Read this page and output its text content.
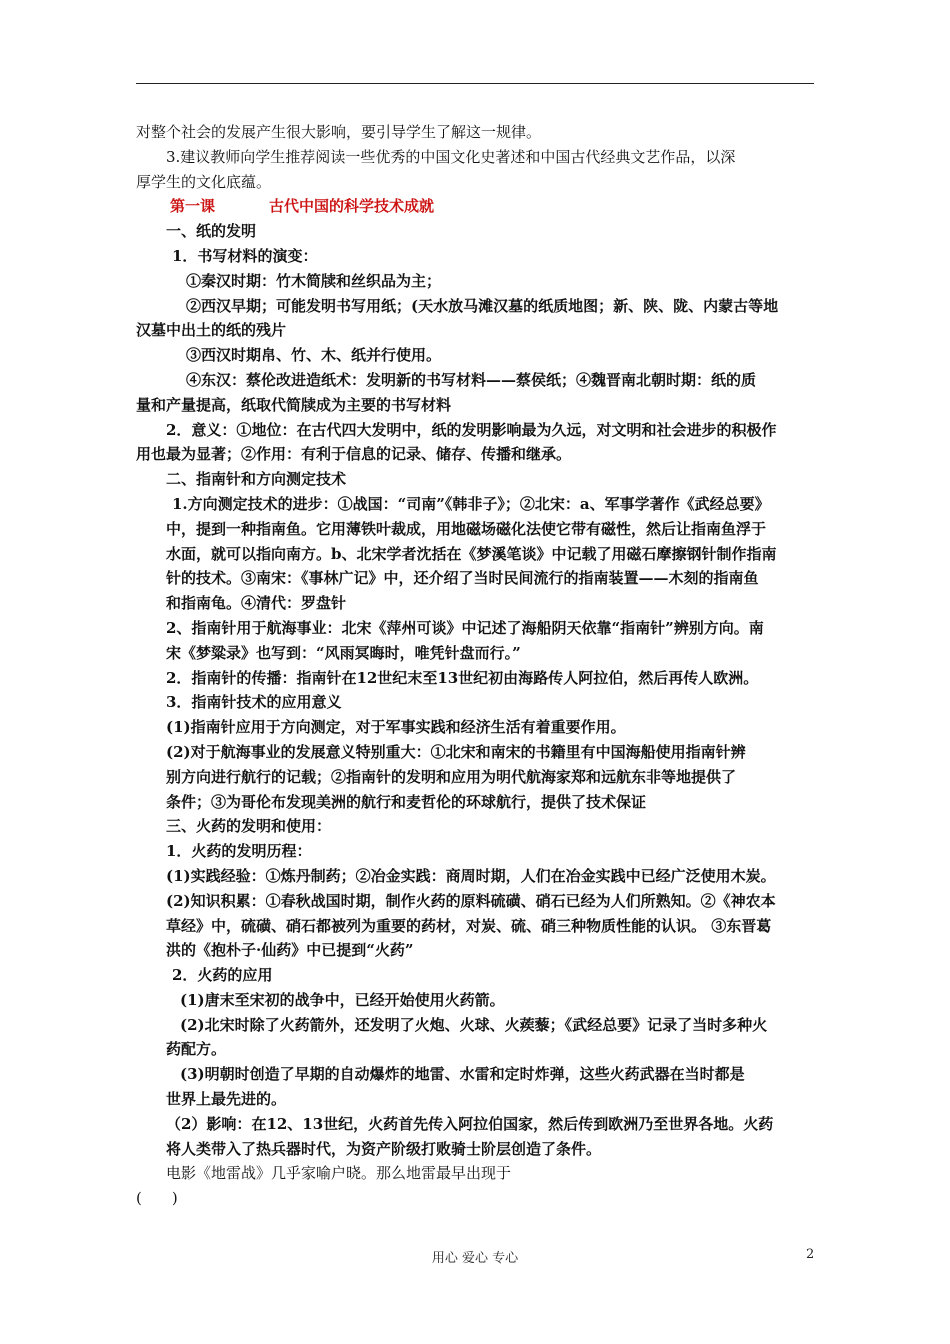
对整个社会的发展产生很大影响，要引导学生了解这一规律。

3.建议教师向学生推荐阅读一些优秀的中国文化史著述和中国古代经典文艺作品，以深

厚学生的文化底蕴。

第一课	古代中国的科学技术成就

一、纸的发明

1．书写材料的演变：

①秦汉时期：竹木简牍和丝织品为主；

②西汉早期；可能发明书写用纸；(天水放马滩汉墓的纸质地图；新、陕、陇、内蒙古等地

汉墓中出土的纸的残片

③西汉时期帛、竹、木、纸并行使用。

④东汉：蔡伦改进造纸术：发明新的书写材料——蔡侯纸；④魏晋南北朝时期：纸的质

量和产量提高，纸取代简牍成为主要的书写材料

2．意义：①地位：在古代四大发明中，纸的发明影响最为久远，对文明和社会进步的积极作

用也最为显著；②作用：有利于信息的记录、储存、传播和继承。

二、指南针和方向测定技术

1.方向测定技术的进步：①战国：“司南”《韩非子》；②北宋：a、军事学著作《武经总要》

中，提到一种指南鱼。它用薄铁叶裁成，用地磁场磁化法使它带有磁性，然后让指南鱼浮于

水面，就可以指向南方。b、北宋学者沈括在《梦溪笔谈》中记载了用磁石摩擦钢针制作指南

针的技术。③南宋：《事林广记》中，还介绍了当时民间流行的指南装置——木刻的指南鱼

和指南龟。④清代：罗盘针

2、指南针用于航海事业：北宋《萍州可谈》中记述了海船阴天依靠“指南针”辨别方向。南

宋《梦粱录》也写到：“风雨冥晦时，唯凭针盘而行。”

2．指南针的传播：指南针在12世纪末至13世纪初由海路传人阿拉伯，然后再传人欧洲。

3．指南针技术的应用意义

(1)指南针应用于方向测定，对于军事实践和经济生活有着重要作用。

(2)对于航海事业的发展意义特别重大：①北宋和南宋的书籍里有中国海船使用指南针辨

别方向进行航行的记载；②指南针的发明和应用为明代航海家郑和远航东非等地提供了

条件；③为哥伦布发现美洲的航行和麦哲伦的环球航行，提供了技术保证

三、火药的发明和使用：

1．火药的发明历程：

(1)实践经验：①炼丹制药；②冶金实践：商周时期，人们在冶金实践中已经广泛使用木炭。

(2)知识积累：①春秋战国时期，制作火药的原料硫磺、硝石已经为人们所熟知。②《神农本

草经》中，硫磺、硝石都被列为重要的药材，对炭、硫、硝三种物质性能的认识。 ③东晋葛

洪的《抱朴子·仙药》中已提到“火药”

2．火药的应用

(1)唐末至宋初的战争中，已经开始使用火药箭。

(2)北宋时除了火药箭外，还发明了火炮、火球、火蒺藜；《武经总要》记录了当时多种火

药配方。

(3)明朝时创造了早期的自动爆炸的地雷、水雷和定时炸弹，这些火药武器在当时都是

世界上最先进的。

（2）影响：在12、13世纪，火药首先传入阿拉伯国家，然后传到欧洲乃至世界各地。火药

将人类带入了热兵器时代，为资产阶级打败骑士阶层创造了条件。

电影《地雷战》几乎家喻户晓。那么地雷最早出现于

(　　)

用心 爱心 专心	2
